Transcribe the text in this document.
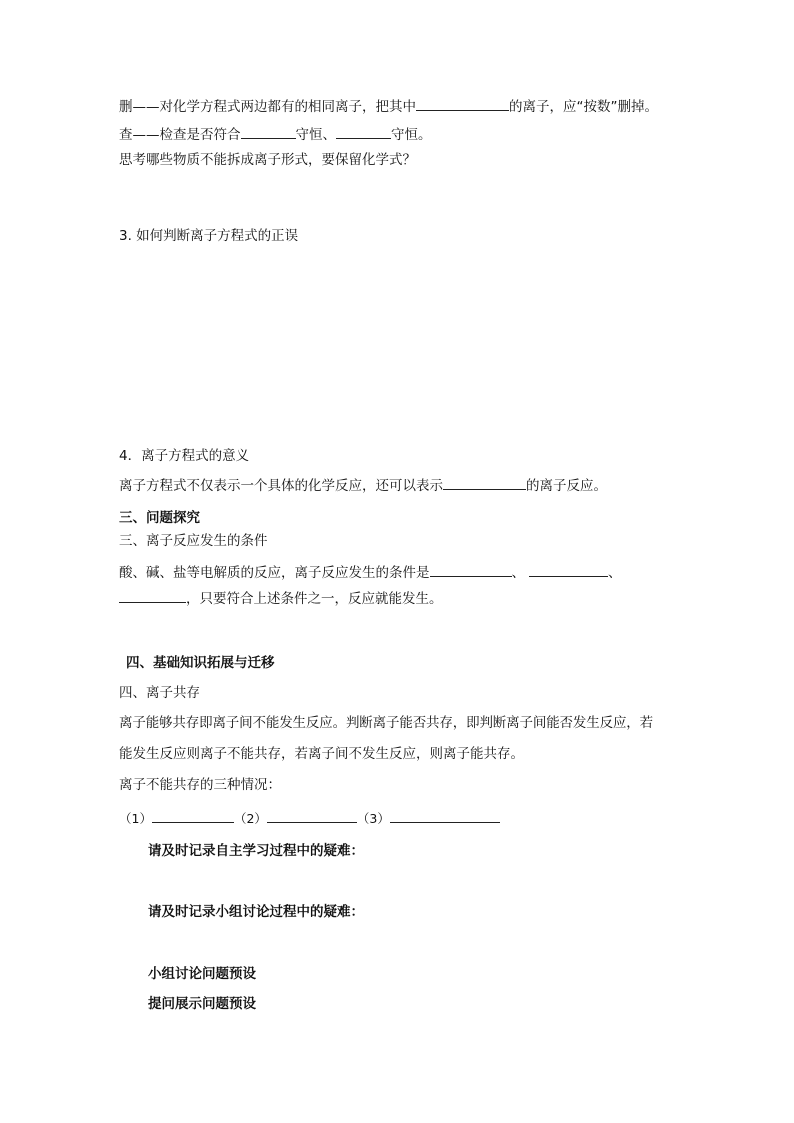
删——对化学方程式两边都有的相同离子，把其中	的离子，应“按数”删掉。
查——检查是否符合	守恒、	守恒。
思考哪些物质不能拆成离子形式，要保留化学式？
3. 如何判断离子方程式的正误
4．离子方程式的意义
离子方程式不仅表示一个具体的化学反应，还可以表示	的离子反应。
三、问题探究
三、离子反应发生的条件
酸、碱、盐等电解质的反应，离子反应发生的条件是	、	、
，只要符合上述条件之一，反应就能发生。
四、基础知识拓展与迁移
四、离子共存
离子能够共存即离子间不能发生反应。判断离子能否共存，即判断离子间能否发生反应，若
能发生反应则离子不能共存，若离子间不发生反应，则离子能共存。
离子不能共存的三种情况：
（1）	（2）	（3）
请及时记录自主学习过程中的疑难：
请及时记录小组讨论过程中的疑难：
小组讨论问题预设
提问展示问题预设
